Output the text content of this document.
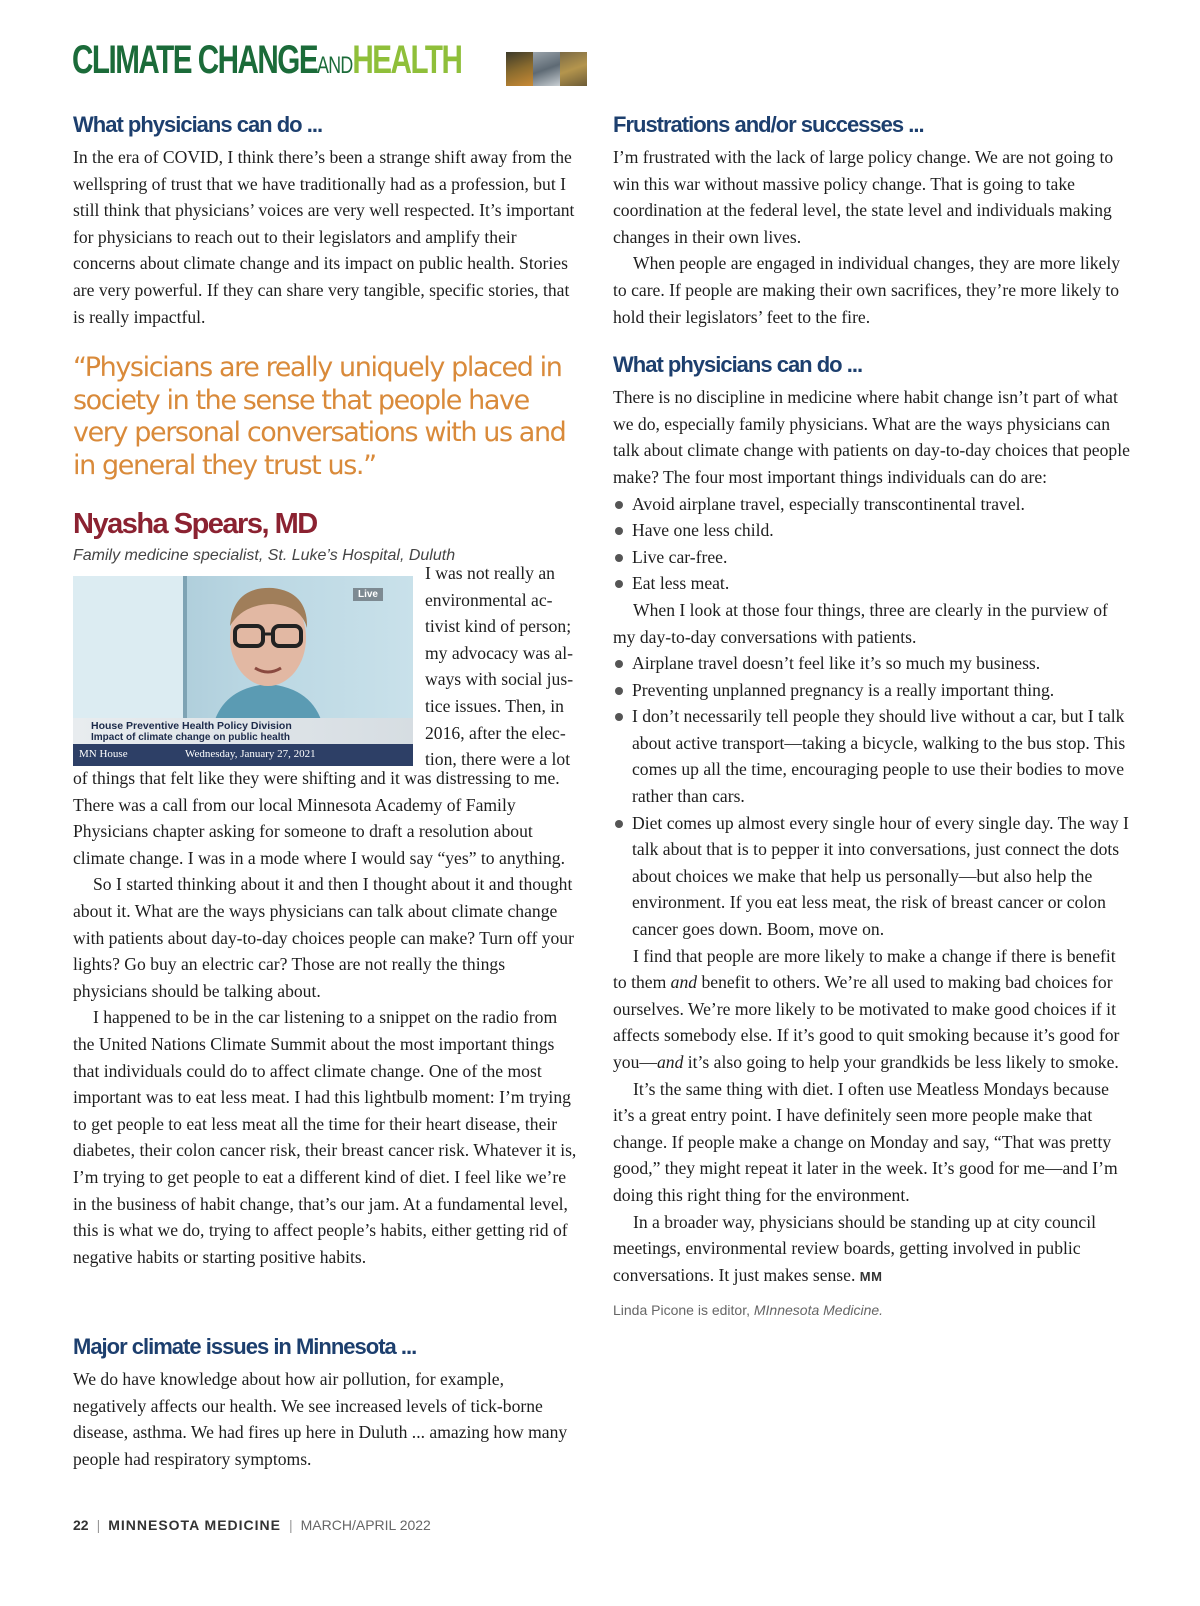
CLIMATE CHANGEANDHEALTH
What physicians can do ...

In the era of COVID, I think there’s been a strange shift away from the wellspring of trust that we have traditionally had as a profession, but I still think that physicians’ voices are very well respected. It’s important for physicians to reach out to their legislators and amplify their concerns about climate change and its impact on public health. Stories are very powerful. If they can share very tangible, specific stories, that is really impactful.

“Physicians are really uniquely placed in society in the sense that people have very personal conversations with us and in general they trust us.”

Nyasha Spears, MD

Family medicine specialist, St. Luke’s Hospital, Duluth

Live
House Preventive Health Policy Division
Impact of climate change on public health
MN House	Wednesday, January 27, 2021

I was not really an environmental activist kind of person; my advocacy was always with social justice issues. Then, in 2016, after the election, there were a lot

of things that felt like they were shifting and it was distressing to me. There was a call from our local Minnesota Academy of Family Physicians chapter asking for someone to draft a resolution about climate change. I was in a mode where I would say “yes” to anything.

So I started thinking about it and then I thought about it and thought about it. What are the ways physicians can talk about climate change with patients about day-to-day choices people can make? Turn off your lights? Go buy an electric car? Those are not really the things physicians should be talking about.

I happened to be in the car listening to a snippet on the radio from the United Nations Climate Summit about the most important things that individuals could do to affect climate change. One of the most important was to eat less meat. I had this lightbulb moment: I’m trying to get people to eat less meat all the time for their heart disease, their diabetes, their colon cancer risk, their breast cancer risk. Whatever it is, I’m trying to get people to eat a different kind of diet. I feel like we’re in the business of habit change, that’s our jam. At a fundamental level, this is what we do, trying to affect people’s habits, either getting rid of negative habits or starting positive habits.

Major climate issues in Minnesota ...

We do have knowledge about how air pollution, for example, negatively affects our health. We see increased levels of tick-borne disease, asthma. We had fires up here in Duluth ... amazing how many people had respiratory symptoms.

Frustrations and/or successes ...

I’m frustrated with the lack of large policy change. We are not going to win this war without massive policy change. That is going to take coordination at the federal level, the state level and individuals making changes in their own lives.

When people are engaged in individual changes, they are more likely to care. If people are making their own sacrifices, they’re more likely to hold their legislators’ feet to the fire.

What physicians can do ...

There is no discipline in medicine where habit change isn’t part of what we do, especially family physicians. What are the ways physicians can talk about climate change with patients on day-to-day choices that people make? The four most important things individuals can do are:

Avoid airplane travel, especially transcontinental travel.
Have one less child.
Live car-free.
Eat less meat.

When I look at those four things, three are clearly in the purview of my day-to-day conversations with patients.

Airplane travel doesn’t feel like it’s so much my business.
Preventing unplanned pregnancy is a really important thing.
I don’t necessarily tell people they should live without a car, but I talk about active transport—taking a bicycle, walking to the bus stop. This comes up all the time, encouraging people to use their bodies to move rather than cars.
Diet comes up almost every single hour of every single day. The way I talk about that is to pepper it into conversations, just connect the dots about choices we make that help us personally—but also help the environment. If you eat less meat, the risk of breast cancer or colon cancer goes down. Boom, move on.

I find that people are more likely to make a change if there is benefit to them and benefit to others. We’re all used to making bad choices for ourselves. We’re more likely to be motivated to make good choices if it affects somebody else. If it’s good to quit smoking because it’s good for you—and it’s also going to help your grandkids be less likely to smoke.

It’s the same thing with diet. I often use Meatless Mondays because it’s a great entry point. I have definitely seen more people make that change. If people make a change on Monday and say, “That was pretty good,” they might repeat it later in the week. It’s good for me—and I’m doing this right thing for the environment.

In a broader way, physicians should be standing up at city council meetings, environmental review boards, getting involved in public conversations. It just makes sense. MM

Linda Picone is editor, MInnesota Medicine.

22 | MINNESOTA MEDICINE | MARCH/APRIL 2022
